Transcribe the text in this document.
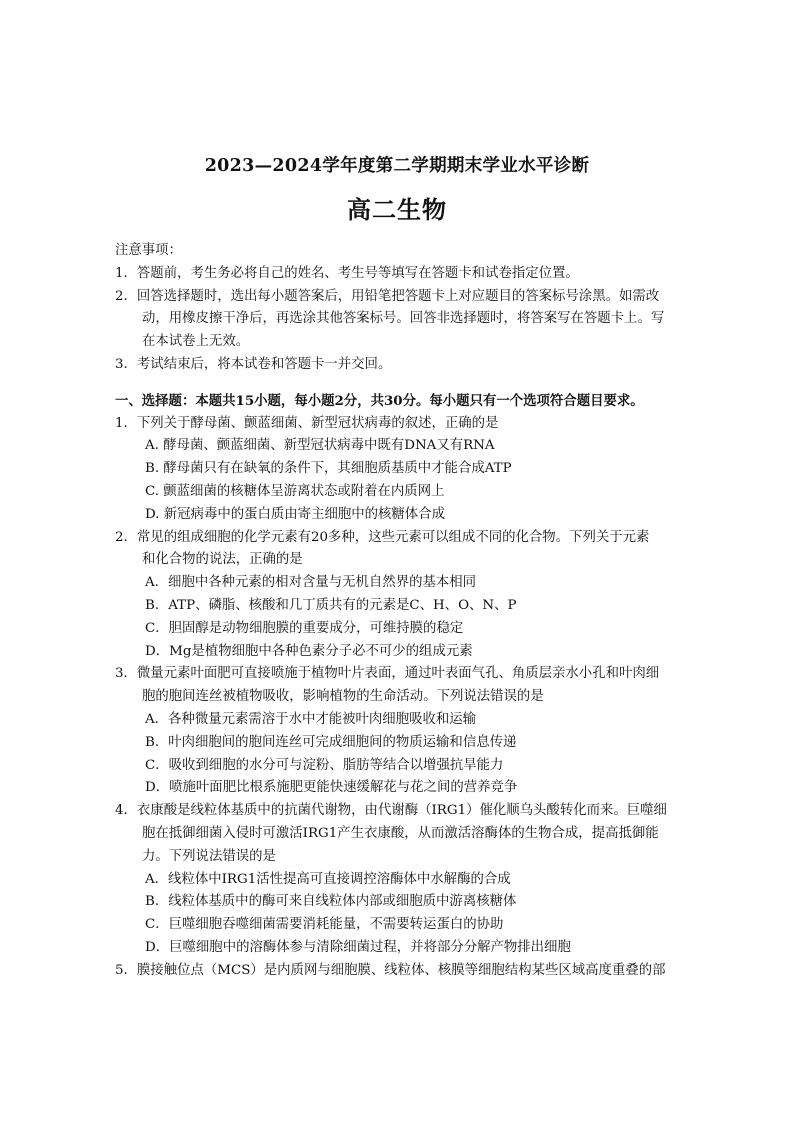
2023—2024学年度第二学期期末学业水平诊断
高二生物
注意事项：
1．答题前，考生务必将自己的姓名、考生号等填写在答题卡和试卷指定位置。
2．回答选择题时，选出每小题答案后，用铅笔把答题卡上对应题目的答案标号涂黑。如需改
动，用橡皮擦干净后，再选涂其他答案标号。回答非选择题时，将答案写在答题卡上。写
在本试卷上无效。
3．考试结束后，将本试卷和答题卡一并交回。
一、选择题：本题共15小题，每小题2分，共30分。每小题只有一个选项符合题目要求。
1．下列关于酵母菌、颤蓝细菌、新型冠状病毒的叙述，正确的是
A. 酵母菌、颤蓝细菌、新型冠状病毒中既有DNA又有RNA
B. 酵母菌只有在缺氧的条件下，其细胞质基质中才能合成ATP
C. 颤蓝细菌的核糖体呈游离状态或附着在内质网上
D. 新冠病毒中的蛋白质由寄主细胞中的核糖体合成
2．常见的组成细胞的化学元素有20多种，这些元素可以组成不同的化合物。下列关于元素
和化合物的说法，正确的是
A．细胞中各种元素的相对含量与无机自然界的基本相同
B．ATP、磷脂、核酸和几丁质共有的元素是C、H、O、N、P
C．胆固醇是动物细胞膜的重要成分，可维持膜的稳定
D．Mg是植物细胞中各种色素分子必不可少的组成元素
3．微量元素叶面肥可直接喷施于植物叶片表面，通过叶表面气孔、角质层亲水小孔和叶肉细
胞的胞间连丝被植物吸收，影响植物的生命活动。下列说法错误的是
A．各种微量元素需溶于水中才能被叶肉细胞吸收和运输
B．叶肉细胞间的胞间连丝可完成细胞间的物质运输和信息传递
C．吸收到细胞的水分可与淀粉、脂肪等结合以增强抗旱能力
D．喷施叶面肥比根系施肥更能快速缓解花与花之间的营养竞争
4．衣康酸是线粒体基质中的抗菌代谢物，由代谢酶（IRG1）催化顺乌头酸转化而来。巨噬细
胞在抵御细菌入侵时可激活IRG1产生衣康酸，从而激活溶酶体的生物合成，提高抵御能
力。下列说法错误的是
A．线粒体中IRG1活性提高可直接调控溶酶体中水解酶的合成
B．线粒体基质中的酶可来自线粒体内部或细胞质中游离核糖体
C．巨噬细胞吞噬细菌需要消耗能量，不需要转运蛋白的协助
D．巨噬细胞中的溶酶体参与清除细菌过程，并将部分分解产物排出细胞
5．膜接触位点（MCS）是内质网与细胞膜、线粒体、核膜等细胞结构某些区域高度重叠的部
